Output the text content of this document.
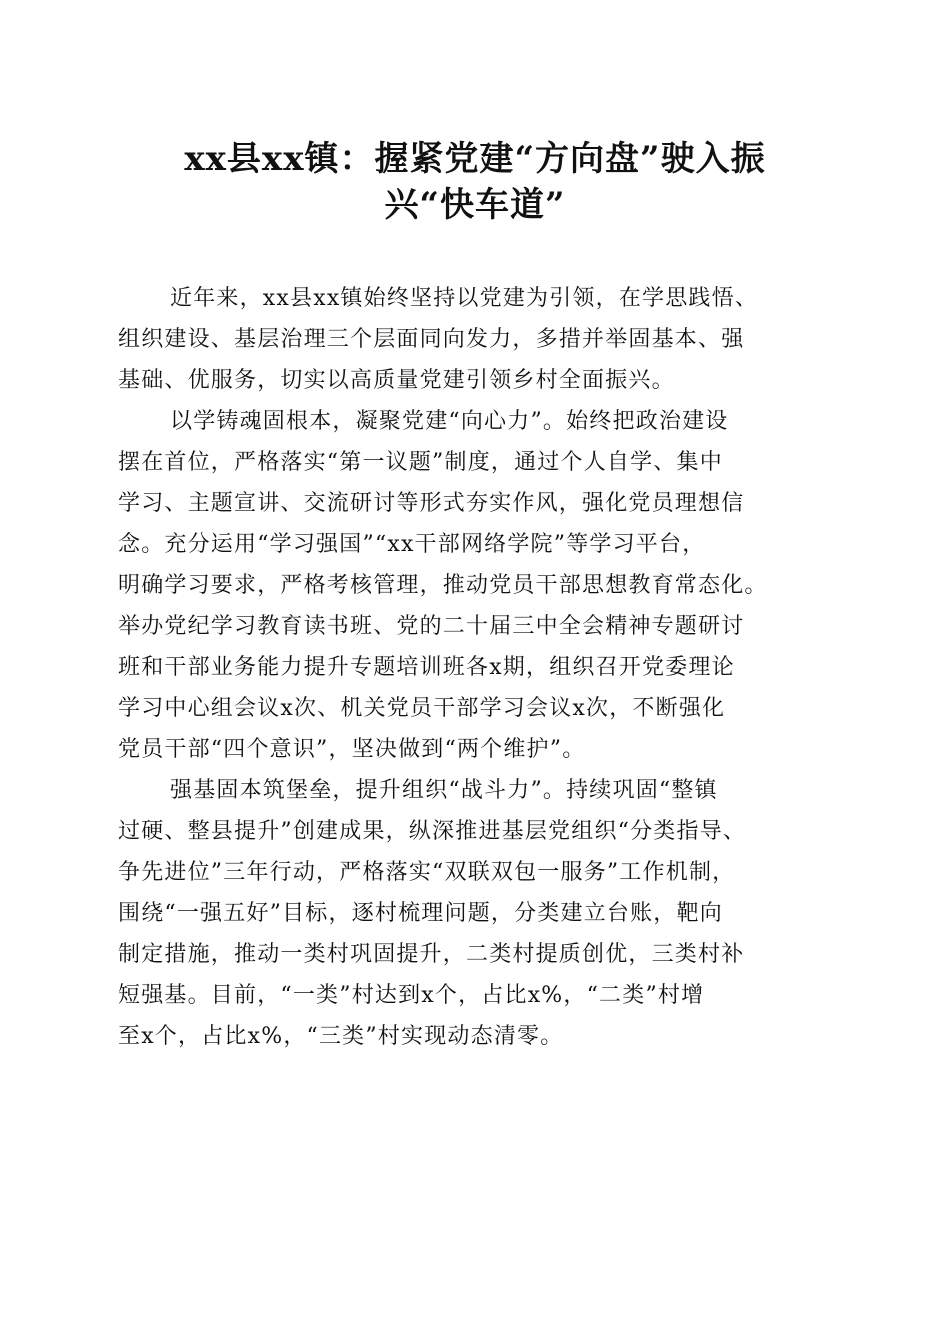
xx县xx镇：握紧党建“方向盘”驶入振
兴“快车道”

近年来，xx县xx镇始终坚持以党建为引领，在学思践悟、
组织建设、基层治理三个层面同向发力，多措并举固基本、强
基础、优服务，切实以高质量党建引领乡村全面振兴。

以学铸魂固根本，凝聚党建“向心力”。始终把政治建设
摆在首位，严格落实“第一议题”制度，通过个人自学、集中
学习、主题宣讲、交流研讨等形式夯实作风，强化党员理想信
念。充分运用“学习强国”“xx干部网络学院”等学习平台，
明确学习要求，严格考核管理，推动党员干部思想教育常态化。
举办党纪学习教育读书班、党的二十届三中全会精神专题研讨
班和干部业务能力提升专题培训班各x期，组织召开党委理论
学习中心组会议x次、机关党员干部学习会议x次，不断强化
党员干部“四个意识”，坚决做到“两个维护”。

强基固本筑堡垒，提升组织“战斗力”。持续巩固“整镇
过硬、整县提升”创建成果，纵深推进基层党组织“分类指导、
争先进位”三年行动，严格落实“双联双包一服务”工作机制，
围绕“一强五好”目标，逐村梳理问题，分类建立台账，靶向
制定措施，推动一类村巩固提升，二类村提质创优，三类村补
短强基。目前，“一类”村达到x个，占比x%，“二类”村增
至x个，占比x%，“三类”村实现动态清零。
